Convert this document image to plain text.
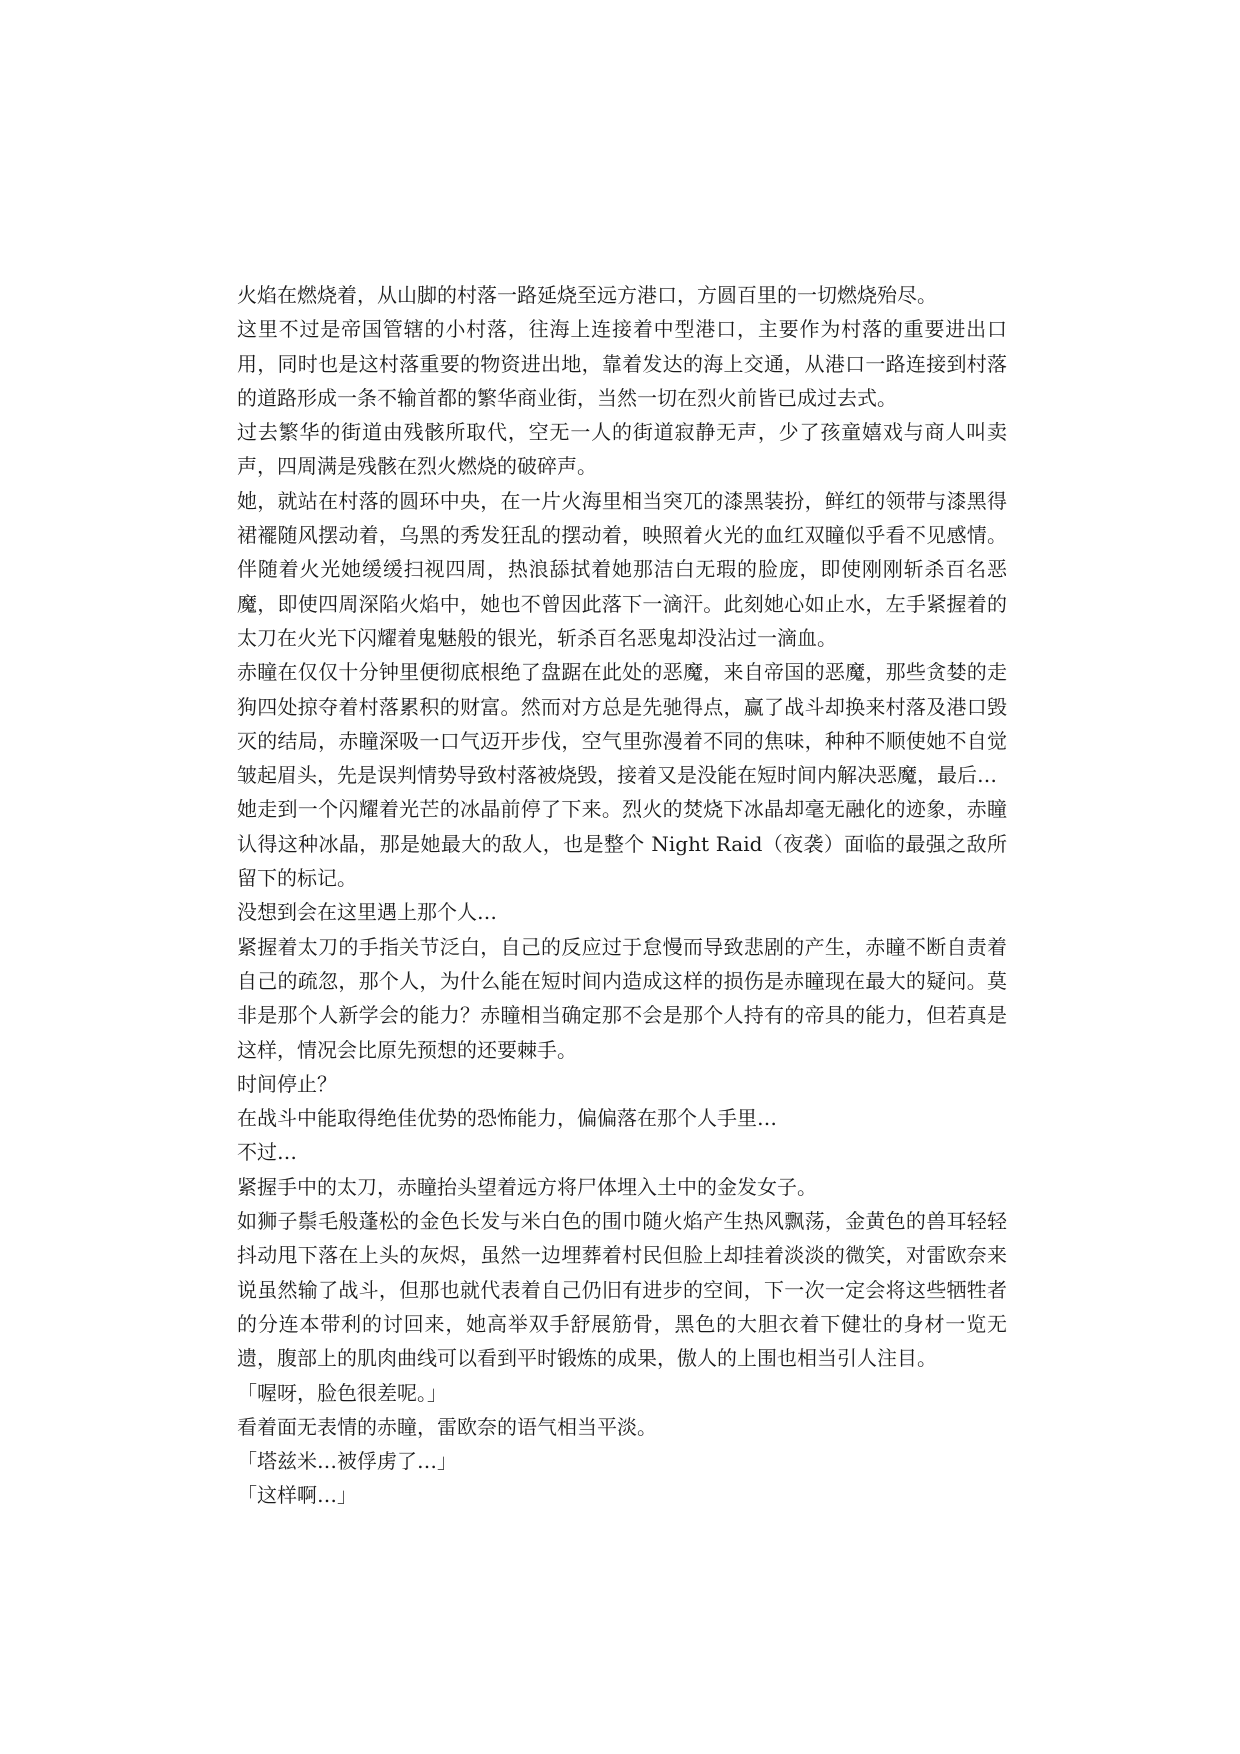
火焰在燃烧着，从山脚的村落一路延烧至远方港口，方圆百里的一切燃烧殆尽。

这里不过是帝国管辖的小村落，往海上连接着中型港口，主要作为村落的重要进出口用，同时也是这村落重要的物资进出地，靠着发达的海上交通，从港口一路连接到村落的道路形成一条不输首都的繁华商业街，当然一切在烈火前皆已成过去式。

过去繁华的街道由残骸所取代，空无一人的街道寂静无声，少了孩童嬉戏与商人叫卖声，四周满是残骸在烈火燃烧的破碎声。

她，就站在村落的圆环中央，在一片火海里相当突兀的漆黑装扮，鲜红的领带与漆黑得裙襬随风摆动着，乌黑的秀发狂乱的摆动着，映照着火光的血红双瞳似乎看不见感情。伴随着火光她缓缓扫视四周，热浪舔拭着她那洁白无瑕的脸庞，即使刚刚斩杀百名恶魔，即使四周深陷火焰中，她也不曾因此落下一滴汗。此刻她心如止水，左手紧握着的太刀在火光下闪耀着鬼魅般的银光，斩杀百名恶鬼却没沾过一滴血。

赤瞳在仅仅十分钟里便彻底根绝了盘踞在此处的恶魔，来自帝国的恶魔，那些贪婪的走狗四处掠夺着村落累积的财富。然而对方总是先驰得点，赢了战斗却换来村落及港口毁灭的结局，赤瞳深吸一口气迈开步伐，空气里弥漫着不同的焦味，种种不顺使她不自觉皱起眉头，先是误判情势导致村落被烧毁，接着又是没能在短时间内解决恶魔，最后…

她走到一个闪耀着光芒的冰晶前停了下来。烈火的焚烧下冰晶却毫无融化的迹象，赤瞳认得这种冰晶，那是她最大的敌人，也是整个 Night Raid（夜袭）面临的最强之敌所留下的标记。

没想到会在这里遇上那个人…

紧握着太刀的手指关节泛白，自己的反应过于怠慢而导致悲剧的产生，赤瞳不断自责着自己的疏忽，那个人，为什么能在短时间内造成这样的损伤是赤瞳现在最大的疑问。莫非是那个人新学会的能力？赤瞳相当确定那不会是那个人持有的帝具的能力，但若真是这样，情况会比原先预想的还要棘手。

时间停止？

在战斗中能取得绝佳优势的恐怖能力，偏偏落在那个人手里…

不过…

紧握手中的太刀，赤瞳抬头望着远方将尸体埋入土中的金发女子。

如狮子鬃毛般蓬松的金色长发与米白色的围巾随火焰产生热风飘荡，金黄色的兽耳轻轻抖动甩下落在上头的灰烬，虽然一边埋葬着村民但脸上却挂着淡淡的微笑，对雷欧奈来说虽然输了战斗，但那也就代表着自己仍旧有进步的空间，下一次一定会将这些牺牲者的分连本带利的讨回来，她高举双手舒展筋骨，黑色的大胆衣着下健壮的身材一览无遗，腹部上的肌肉曲线可以看到平时锻炼的成果，傲人的上围也相当引人注目。

「喔呀，脸色很差呢。」

看着面无表情的赤瞳，雷欧奈的语气相当平淡。

「塔兹米…被俘虏了…」

「这样啊…」
